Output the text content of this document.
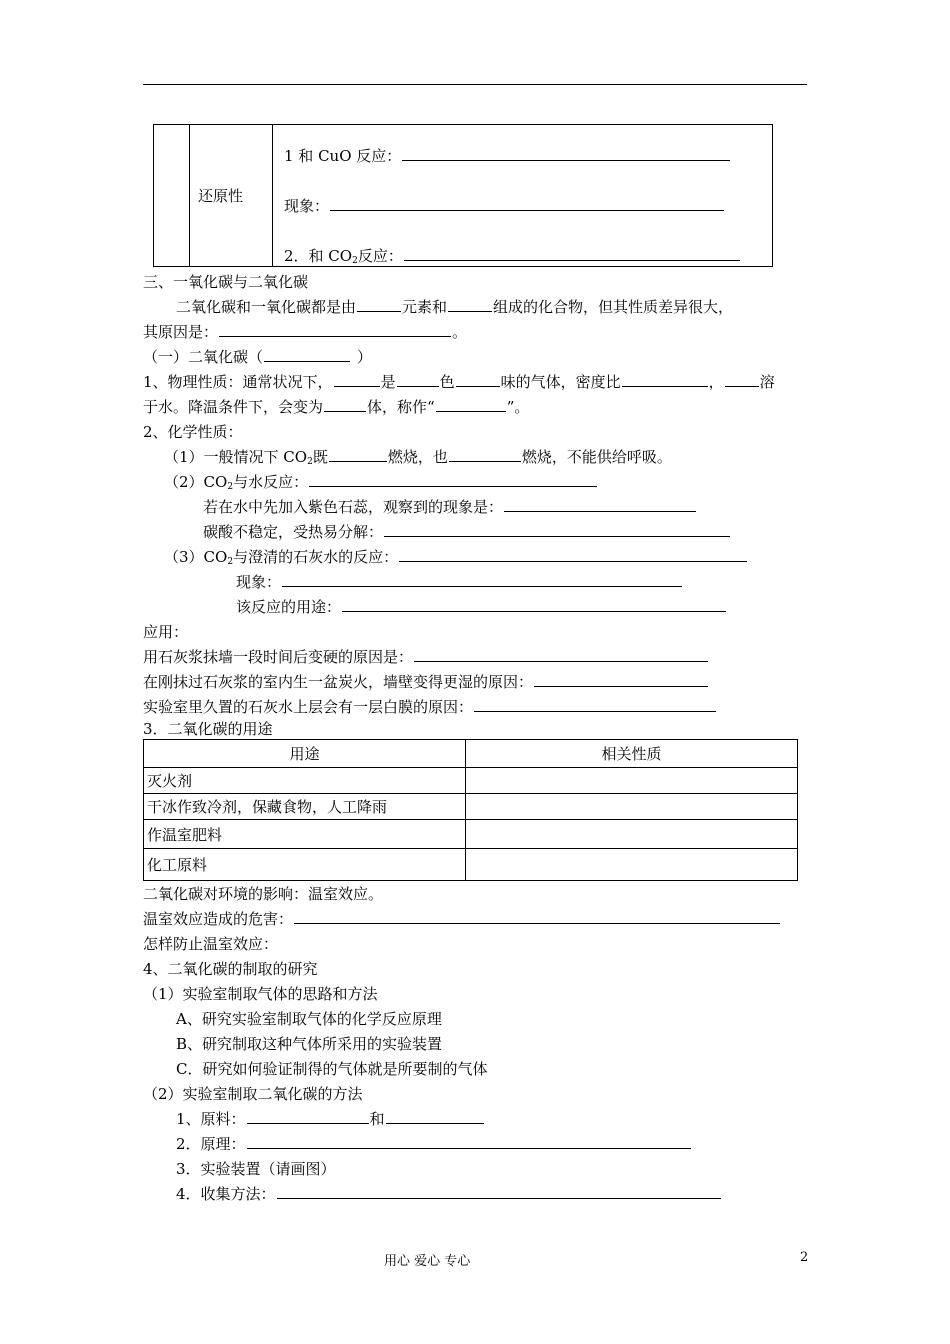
还原性
1 和 CuO 反应：
现象：
2．和 $CO_2$反应：
三、一氧化碳与二氧化碳
二氧化碳和一氧化碳都是由	元素和	组成的化合物，但其性质差异很大，
其原因是：	。
（一）二氧化碳（	）
1、物理性质：通常状况下，	是	色	味的气体，密度比	， 溶
于水。降温条件下，会变为	体，称作“	”。
2、化学性质：
（1）一般情况下 $CO_2$既	燃烧，也	燃烧，不能供给呼吸。
$(2)CO_2$与水反应：
若在水中先加入紫色石蕊，观察到的现象是：
碳酸不稳定，受热易分解：
$(3)CO_2$与澄清的石灰水的反应：
现象：
该反应的用途：
应用：
用石灰浆抹墙一段时间后变硬的原因是：
在刚抹过石灰浆的室内生一盆炭火，墙壁变得更湿的原因：
实验室里久置的石灰水上层会有一层白膜的原因：
3．二氧化碳的用途
用途	相关性质
灭火剂	
干冰作致冷剂，保藏食物，人工降雨	
作温室肥料	
化工原料	
二氧化碳对环境的影响：温室效应。
温室效应造成的危害：
怎样防止温室效应：
4、二氧化碳的制取的研究
（1）实验室制取气体的思路和方法
A、研究实验室制取气体的化学反应原理
B、研究制取这种气体所采用的实验装置
C．研究如何验证制得的气体就是所要制的气体
（2）实验室制取二氧化碳的方法
1、原料：	和
2．原理：
3．实验装置（请画图）
4．收集方法：
用心 爱心 专心	2
